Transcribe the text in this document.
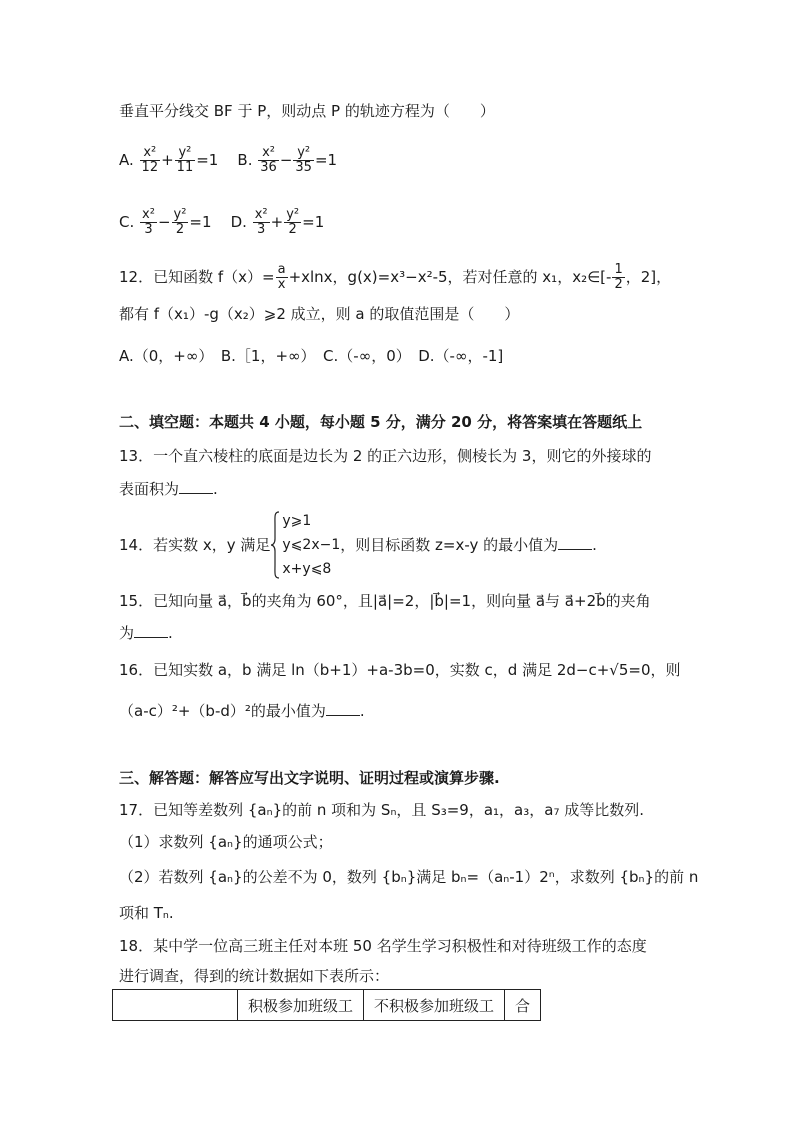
垂直平分线交 BF 于 P，则动点 P 的轨迹方程为（　　）
A. $\frac{\text{x²}}{12} + \frac{\text{y²}}{11} =1$ B. $\frac{\text{x²}}{36} - \frac{\text{y²}}{35} =1$
C. $\frac{\text{x²}}{3} - \frac{\text{y²}}{2} =1$ D. $\frac{\text{x²}}{3} + \frac{\text{y²}}{2} =1$
12．已知函数 $f(x)= \frac{a}{x} +xlnx$，g(x)=x³−x²-5，若对任意的 x₁，x₂∈[- $\frac{1}{2}$ ，2]，
都有 f（x₁）-g（x₂）⩾2 成立，则 a 的取值范围是（　　）
A.（0，+∞）　B.［1，+∞）　C.（-∞，0）　D.（-∞，-1]
二、填空题：本题共 4 小题，每小题 5 分，满分 20 分，将答案填在答题纸上
13．一个直六棱柱的底面是边长为 2 的正六边形，侧棱长为 3，则它的外接球的
表面积为 .
14．若实数 x，y 满足
y⩾1
y⩽2x−1
x+y⩽8
，则目标函数 z=x-y 的最小值为 .
15．已知向量 a⃗，b⃗的夹角为 60°，且|a⃗|=2，|b⃗|=1，则向量 a⃗与 a⃗+2b⃗的夹角
为 .
16．已知实数 a，b 满足 ln（b+1）+a-3b=0，实数 c，d 满足 2d−c+√5=0，则
（a-c）²+（b-d）²的最小值为 .
三、解答题：解答应写出文字说明、证明过程或演算步骤.
17．已知等差数列 {aₙ}的前 n 项和为 Sₙ，且 S₃=9，a₁，a₃，a₇ 成等比数列.
（1）求数列 {aₙ}的通项公式；
（2）若数列 {aₙ}的公差不为 0，数列 {bₙ}满足 bₙ=（aₙ-1）2ⁿ，求数列 {bₙ}的前 n
项和 Tₙ.
18．某中学一位高三班主任对本班 50 名学生学习积极性和对待班级工作的态度
进行调查，得到的统计数据如下表所示：
	积极参加班级工	不积极参加班级工	合
